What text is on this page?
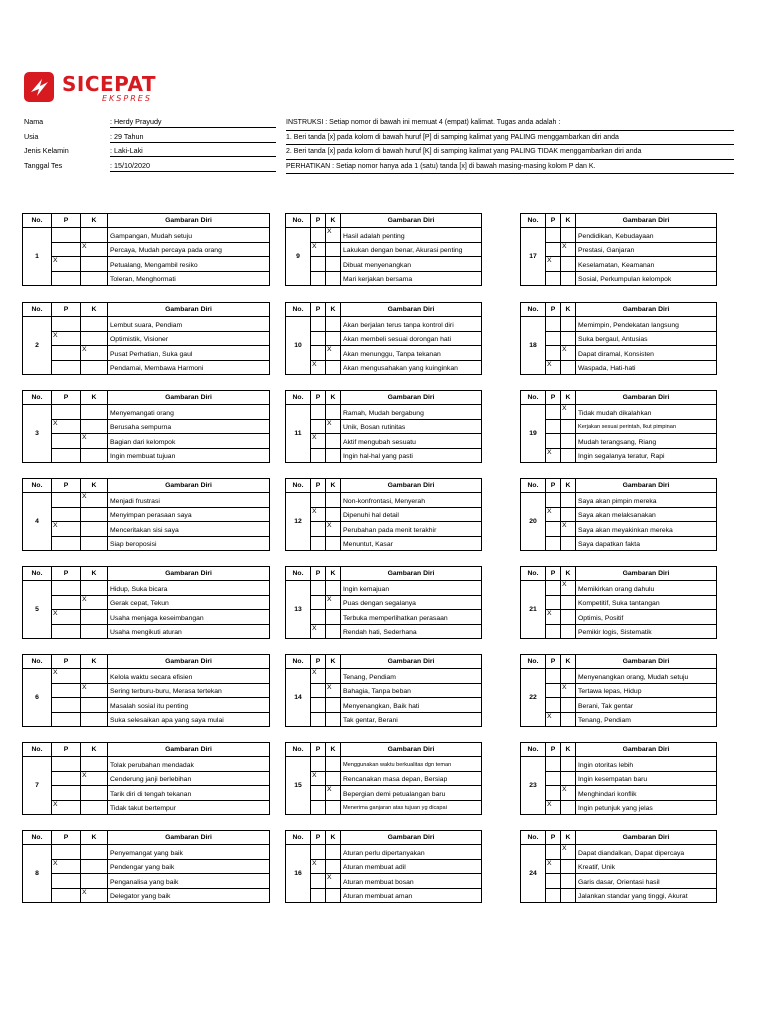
SICEPAT
EKSPRES
Nama	: Herdy Prayudy
Usia	: 29 Tahun
Jenis Kelamin	: Laki-Laki
Tanggal Tes	: 15/10/2020
INSTRUKSI : Setiap nomor di bawah ini memuat 4 (empat) kalimat. Tugas anda adalah :
1. Beri tanda [x] pada kolom di bawah huruf [P] di samping kalimat yang PALING menggambarkan diri anda
2. Beri tanda [x] pada kolom di bawah huruf [K] di samping kalimat yang PALING TIDAK menggambarkan diri anda
PERHATIKAN : Setiap nomor hanya ada 1 (satu) tanda [x] di bawah masing-masing kolom P dan K.
No.	P	K	Gambaran Diri
1			Gampangan, Mudah setuju
		X	Percaya, Mudah percaya pada orang
	X		Petualang, Mengambil resiko
			Toleran, Menghormati
No.	P	K	Gambaran Diri
2			Lembut suara, Pendiam
	X		Optimistik, Visioner
		X	Pusat Perhatian, Suka gaul
			Pendamai, Membawa Harmoni
No.	P	K	Gambaran Diri
3			Menyemangati orang
	X		Berusaha sempurna
		X	Bagian dari kelompok
			Ingin membuat tujuan
No.	P	K	Gambaran Diri
4		X	Menjadi frustrasi
			Menyimpan perasaan saya
	X		Menceritakan sisi saya
			Siap beroposisi
No.	P	K	Gambaran Diri
5			Hidup, Suka bicara
		X	Gerak cepat, Tekun
	X		Usaha menjaga keseimbangan
			Usaha mengikuti aturan
No.	P	K	Gambaran Diri
6	X		Kelola waktu secara efisien
		X	Sering terburu-buru, Merasa tertekan
			Masalah sosial itu penting
			Suka selesaikan apa yang saya mulai
No.	P	K	Gambaran Diri
7			Tolak perubahan mendadak
		X	Cenderung janji berlebihan
			Tarik diri di tengah tekanan
	X		Tidak takut bertempur
No.	P	K	Gambaran Diri
8			Penyemangat yang baik
	X		Pendengar yang baik
			Penganalisa yang baik
		X	Delegator yang baik
No.	P	K	Gambaran Diri
9		X	Hasil adalah penting
	X		Lakukan dengan benar, Akurasi penting
			Dibuat menyenangkan
			Mari kerjakan bersama
No.	P	K	Gambaran Diri
10			Akan berjalan terus tanpa kontrol diri
			Akan membeli sesuai dorongan hati
		X	Akan menunggu, Tanpa tekanan
	X		Akan mengusahakan yang kuinginkan
No.	P	K	Gambaran Diri
11			Ramah, Mudah bergabung
		X	Unik, Bosan rutinitas
	X		Aktif mengubah sesuatu
			Ingin hal-hal yang pasti
No.	P	K	Gambaran Diri
12			Non-konfrontasi, Menyerah
	X		Dipenuhi hal detail
		X	Perubahan pada menit terakhir
			Menuntut, Kasar
No.	P	K	Gambaran Diri
13			Ingin kemajuan
		X	Puas dengan segalanya
			Terbuka memperlihatkan perasaan
	X		Rendah hati, Sederhana
No.	P	K	Gambaran Diri
14	X		Tenang, Pendiam
		X	Bahagia, Tanpa beban
			Menyenangkan, Baik hati
			Tak gentar, Berani
No.	P	K	Gambaran Diri
15			Menggunakan waktu berkualitas dgn teman
	X		Rencanakan masa depan, Bersiap
		X	Bepergian demi petualangan baru
			Menerima ganjaran atas tujuan yg dicapai
No.	P	K	Gambaran Diri
16			Aturan perlu dipertanyakan
	X		Aturan membuat adil
		X	Aturan membuat bosan
			Aturan membuat aman
No.	P	K	Gambaran Diri
17			Pendidikan, Kebudayaan
		X	Prestasi, Ganjaran
	X		Keselamatan, Keamanan
			Sosial, Perkumpulan kelompok
No.	P	K	Gambaran Diri
18			Memimpin, Pendekatan langsung
			Suka bergaul, Antusias
		X	Dapat diramal, Konsisten
	X		Waspada, Hati-hati
No.	P	K	Gambaran Diri
19		X	Tidak mudah dikalahkan
			Kerjakan sesuai perintah, Ikut pimpinan
			Mudah terangsang, Riang
	X		Ingin segalanya teratur, Rapi
No.	P	K	Gambaran Diri
20			Saya akan pimpin mereka
	X		Saya akan melaksanakan
		X	Saya akan meyakinkan mereka
			Saya dapatkan fakta
No.	P	K	Gambaran Diri
21		X	Memikirkan orang dahulu
			Kompetitif, Suka tantangan
	X		Optimis, Positif
			Pemikir logis, Sistematik
No.	P	K	Gambaran Diri
22			Menyenangkan orang, Mudah setuju
		X	Tertawa lepas, Hidup
			Berani, Tak gentar
	X		Tenang, Pendiam
No.	P	K	Gambaran Diri
23			Ingin otoritas lebih
			Ingin kesempatan baru
		X	Menghindari konflik
	X		Ingin petunjuk yang jelas
No.	P	K	Gambaran Diri
24		X	Dapat diandalkan, Dapat dipercaya
	X		Kreatif, Unik
			Garis dasar, Orientasi hasil
			Jalankan standar yang tinggi, Akurat
